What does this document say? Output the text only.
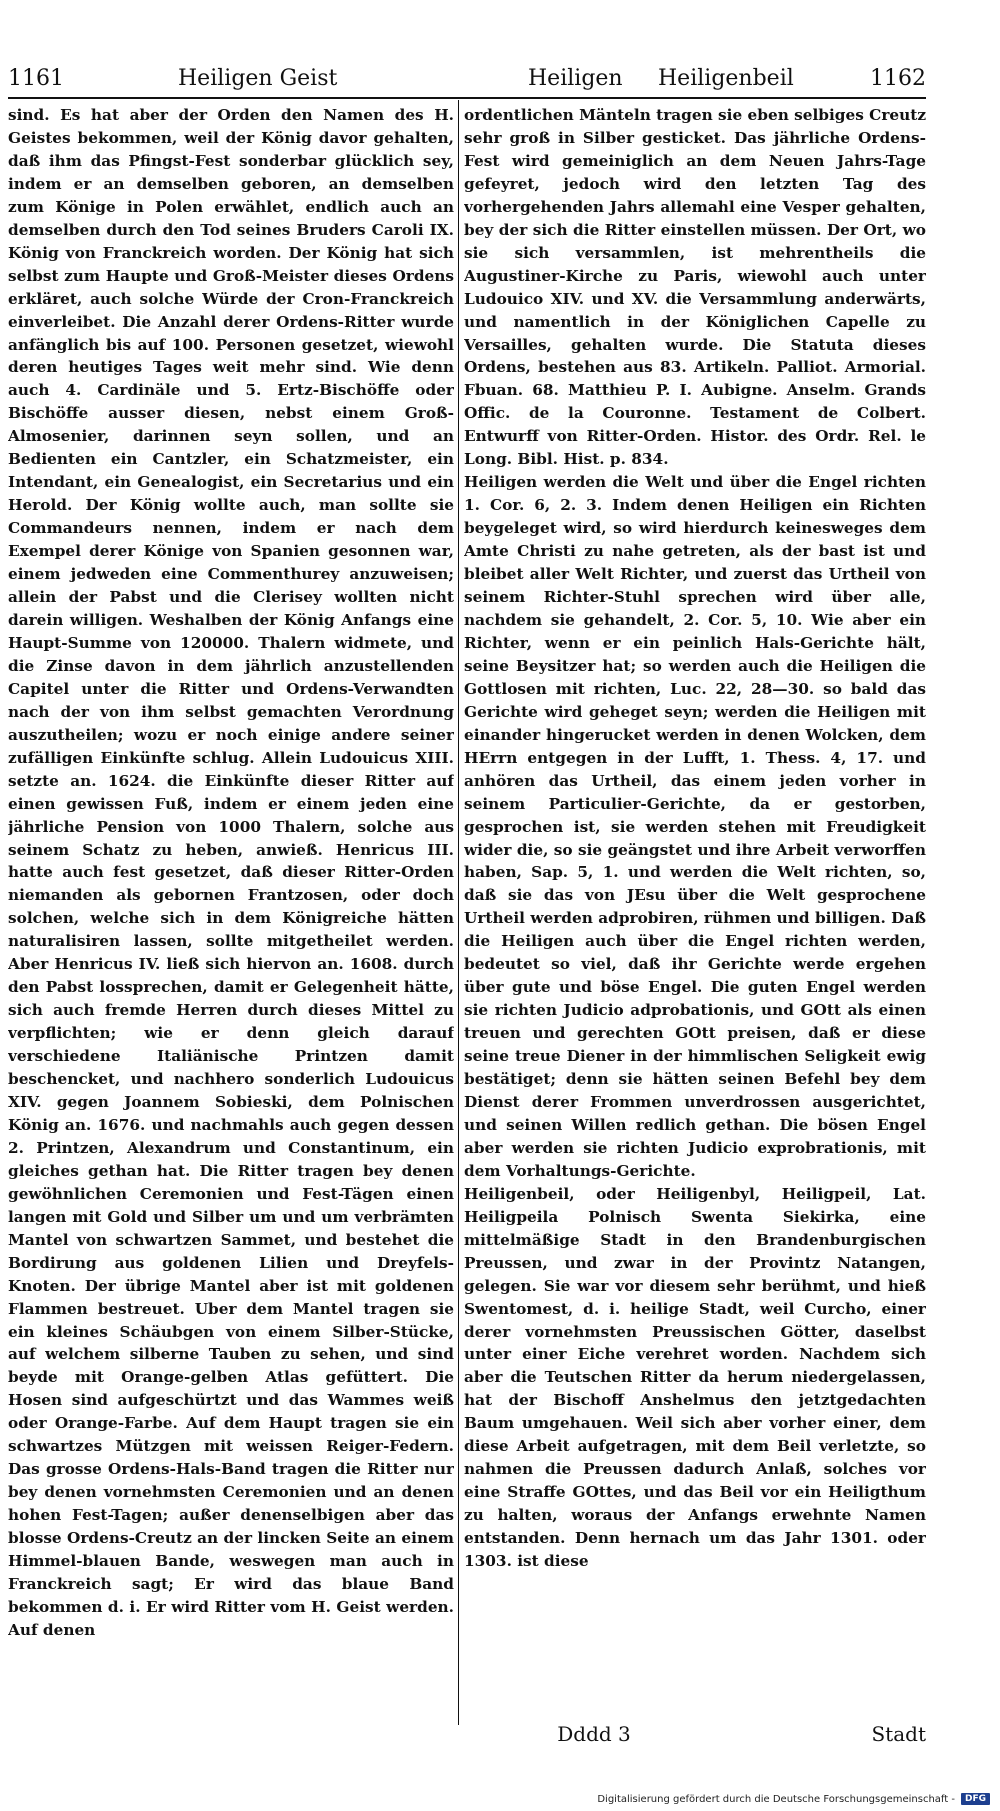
1161	Heiligen Geist	Heiligen Heiligenbeil	1162

sind. Es hat aber der Orden den Namen des H. Geistes bekommen, weil der König davor gehalten, daß ihm das Pfingst-Fest sonderbar glücklich sey, indem er an demselben geboren, an demselben zum Könige in Polen erwählet, endlich auch an demselben durch den Tod seines Bruders Caroli IX. König von Franckreich worden. Der König hat sich selbst zum Haupte und Groß-Meister dieses Ordens erkläret, auch solche Würde der Cron-Franckreich einverleibet. Die Anzahl derer Ordens-Ritter wurde anfänglich bis auf 100. Personen gesetzet, wiewohl deren heutiges Tages weit mehr sind. Wie denn auch 4. Cardinäle und 5. Ertz-Bischöffe oder Bischöffe ausser diesen, nebst einem Groß-Almosenier, darinnen seyn sollen, und an Bedienten ein Cantzler, ein Schatzmeister, ein Intendant, ein Genealogist, ein Secretarius und ein Herold. Der König wollte auch, man sollte sie Commandeurs nennen, indem er nach dem Exempel derer Könige von Spanien gesonnen war, einem jedweden eine Commenthurey anzuweisen; allein der Pabst und die Clerisey wollten nicht darein willigen. Weshalben der König Anfangs eine Haupt-Summe von 120000. Thalern widmete, und die Zinse davon in dem jährlich anzustellenden Capitel unter die Ritter und Ordens-Verwandten nach der von ihm selbst gemachten Verordnung auszutheilen; wozu er noch einige andere seiner zufälligen Einkünfte schlug. Allein Ludouicus XIII. setzte an. 1624. die Einkünfte dieser Ritter auf einen gewissen Fuß, indem er einem jeden eine jährliche Pension von 1000 Thalern, solche aus seinem Schatz zu heben, anwieß. Henricus III. hatte auch fest gesetzet, daß dieser Ritter-Orden niemanden als gebornen Frantzosen, oder doch solchen, welche sich in dem Königreiche hätten naturalisiren lassen, sollte mitgetheilet werden. Aber Henricus IV. ließ sich hiervon an. 1608. durch den Pabst lossprechen, damit er Gelegenheit hätte, sich auch fremde Herren durch dieses Mittel zu verpflichten; wie er denn gleich darauf verschiedene Italiänische Printzen damit beschencket, und nachhero sonderlich Ludouicus XIV. gegen Joannem Sobieski, dem Polnischen König an. 1676. und nachmahls auch gegen dessen 2. Printzen, Alexandrum und Constantinum, ein gleiches gethan hat. Die Ritter tragen bey denen gewöhnlichen Ceremonien und Fest-Tägen einen langen mit Gold und Silber um und um verbrämten Mantel von schwartzen Sammet, und bestehet die Bordirung aus goldenen Lilien und Dreyfels-Knoten. Der übrige Mantel aber ist mit goldenen Flammen bestreuet. Uber dem Mantel tragen sie ein kleines Schäubgen von einem Silber-Stücke, auf welchem silberne Tauben zu sehen, und sind beyde mit Orange-gelben Atlas gefüttert. Die Hosen sind aufgeschürtzt und das Wammes weiß oder Orange-Farbe. Auf dem Haupt tragen sie ein schwartzes Mützgen mit weissen Reiger-Federn. Das grosse Ordens-Hals-Band tragen die Ritter nur bey denen vornehmsten Ceremonien und an denen hohen Fest-Tagen; außer denenselbigen aber das blosse Ordens-Creutz an der lincken Seite an einem Himmel-blauen Bande, weswegen man auch in Franckreich sagt; Er wird das blaue Band bekommen d. i. Er wird Ritter vom H. Geist werden. Auf denen

ordentlichen Mänteln tragen sie eben selbiges Creutz sehr groß in Silber gesticket. Das jährliche Ordens-Fest wird gemeiniglich an dem Neuen Jahrs-Tage gefeyret, jedoch wird den letzten Tag des vorhergehenden Jahrs allemahl eine Vesper gehalten, bey der sich die Ritter einstellen müssen. Der Ort, wo sie sich versammlen, ist mehrentheils die Augustiner-Kirche zu Paris, wiewohl auch unter Ludouico XIV. und XV. die Versammlung anderwärts, und namentlich in der Königlichen Capelle zu Versailles, gehalten wurde. Die Statuta dieses Ordens, bestehen aus 83. Artikeln. Palliot. Armorial. Fbuan. 68. Matthieu P. I. Aubigne. Anselm. Grands Offic. de la Couronne. Testament de Colbert. Entwurff von Ritter-Orden. Histor. des Ordr. Rel. le Long. Bibl. Hist. p. 834.

Heiligen werden die Welt und über die Engel richten 1. Cor. 6, 2. 3. Indem denen Heiligen ein Richten beygeleget wird, so wird hierdurch keinesweges dem Amte Christi zu nahe getreten, als der bast ist und bleibet aller Welt Richter, und zuerst das Urtheil von seinem Richter-Stuhl sprechen wird über alle, nachdem sie gehandelt, 2. Cor. 5, 10. Wie aber ein Richter, wenn er ein peinlich Hals-Gerichte hält, seine Beysitzer hat; so werden auch die Heiligen die Gottlosen mit richten, Luc. 22, 28—30. so bald das Gerichte wird geheget seyn; werden die Heiligen mit einander hingerucket werden in denen Wolcken, dem HErrn entgegen in der Lufft, 1. Thess. 4, 17. und anhören das Urtheil, das einem jeden vorher in seinem Particulier-Gerichte, da er gestorben, gesprochen ist, sie werden stehen mit Freudigkeit wider die, so sie geängstet und ihre Arbeit verworffen haben, Sap. 5, 1. und werden die Welt richten, so, daß sie das von JEsu über die Welt gesprochene Urtheil werden adprobiren, rühmen und billigen. Daß die Heiligen auch über die Engel richten werden, bedeutet so viel, daß ihr Gerichte werde ergehen über gute und böse Engel. Die guten Engel werden sie richten Judicio adprobationis, und GOtt als einen treuen und gerechten GOtt preisen, daß er diese seine treue Diener in der himmlischen Seligkeit ewig bestätiget; denn sie hätten seinen Befehl bey dem Dienst derer Frommen unverdrossen ausgerichtet, und seinen Willen redlich gethan. Die bösen Engel aber werden sie richten Judicio exprobrationis, mit dem Vorhaltungs-Gerichte.

Heiligenbeil, oder Heiligenbyl, Heiligpeil, Lat. Heiligpeila Polnisch Swenta Siekirka, eine mittelmäßige Stadt in den Brandenburgischen Preussen, und zwar in der Provintz Natangen, gelegen. Sie war vor diesem sehr berühmt, und hieß Swentomest, d. i. heilige Stadt, weil Curcho, einer derer vornehmsten Preussischen Götter, daselbst unter einer Eiche verehret worden. Nachdem sich aber die Teutschen Ritter da herum niedergelassen, hat der Bischoff Anshelmus den jetztgedachten Baum umgehauen. Weil sich aber vorher einer, dem diese Arbeit aufgetragen, mit dem Beil verletzte, so nahmen die Preussen dadurch Anlaß, solches vor eine Straffe GOttes, und das Beil vor ein Heiligthum zu halten, woraus der Anfangs erwehnte Namen entstanden. Denn hernach um das Jahr 1301. oder 1303. ist diese

Dddd 3	Stadt
Digitalisierung gefördert durch die Deutsche Forschungsgemeinschaft -	DFG
